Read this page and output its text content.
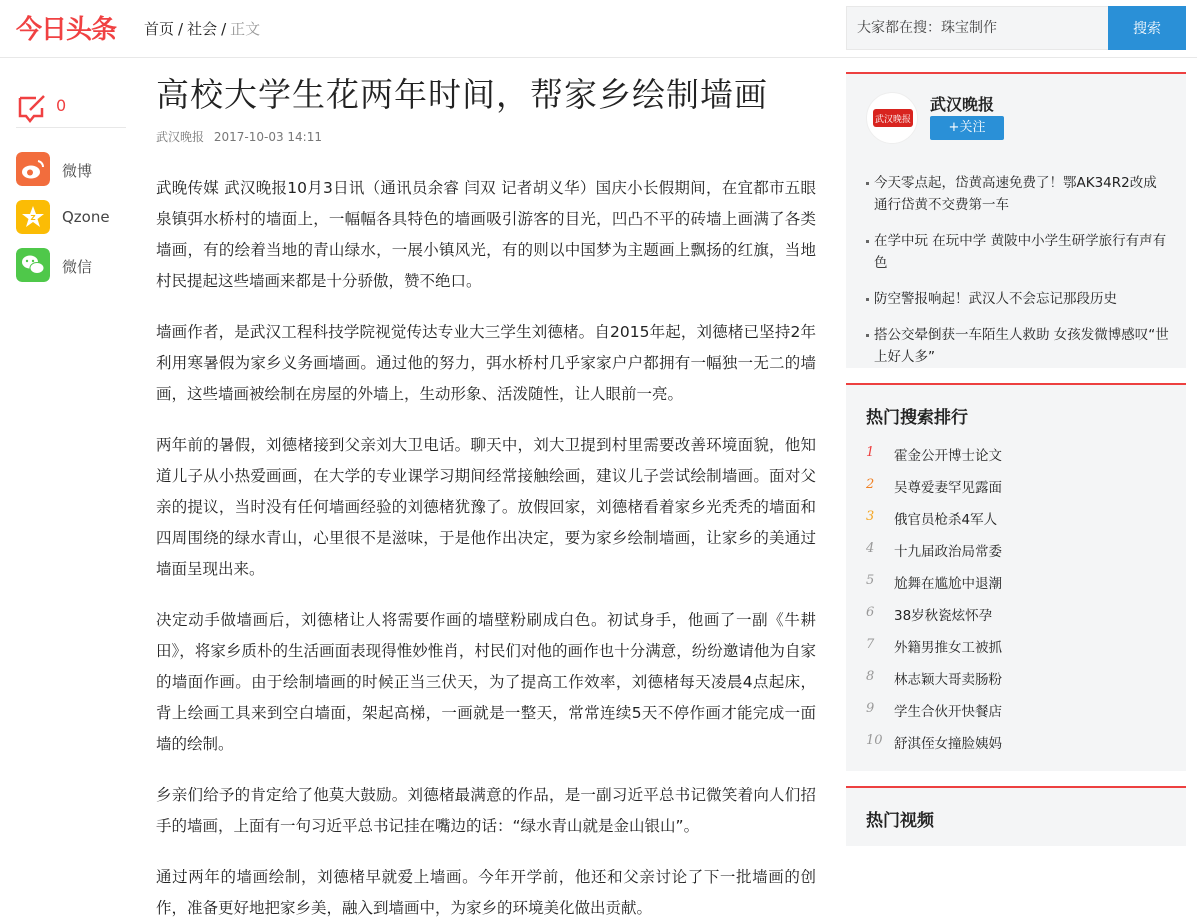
今日头条 首页 / 社会 / 正文
大家都在搜：珠宝制作	搜索
0
微博
Z Qzone
微信
高校大学生花两年时间，帮家乡绘制墙画
武汉晚报 2017-10-03 14:11

武晚传媒 武汉晚报10月3日讯（通讯员余睿 闫双 记者胡义华）国庆小长假期间，在宜都市五眼泉镇弭水桥村的墙面上，一幅幅各具特色的墙画吸引游客的目光，凹凸不平的砖墙上画满了各类墙画，有的绘着当地的青山绿水，一展小镇风光，有的则以中国梦为主题画上飘扬的红旗，当地村民提起这些墙画来都是十分骄傲，赞不绝口。

墙画作者，是武汉工程科技学院视觉传达专业大三学生刘德楮。自2015年起，刘德楮已坚持2年利用寒暑假为家乡义务画墙画。通过他的努力，弭水桥村几乎家家户户都拥有一幅独一无二的墙画，这些墙画被绘制在房屋的外墙上，生动形象、活泼随性，让人眼前一亮。

两年前的暑假，刘德楮接到父亲刘大卫电话。聊天中，刘大卫提到村里需要改善环境面貌，他知道儿子从小热爱画画，在大学的专业课学习期间经常接触绘画，建议儿子尝试绘制墙画。面对父亲的提议，当时没有任何墙画经验的刘德楮犹豫了。放假回家，刘德楮看着家乡光秃秃的墙面和四周围绕的绿水青山，心里很不是滋味，于是他作出决定，要为家乡绘制墙画，让家乡的美通过墙面呈现出来。

决定动手做墙画后，刘德楮让人将需要作画的墙壁粉刷成白色。初试身手，他画了一副《牛耕田》，将家乡质朴的生活画面表现得惟妙惟肖，村民们对他的画作也十分满意，纷纷邀请他为自家的墙面作画。由于绘制墙画的时候正当三伏天，为了提高工作效率，刘德楮每天凌晨4点起床，背上绘画工具来到空白墙面，架起高梯，一画就是一整天，常常连续5天不停作画才能完成一面墙的绘制。

乡亲们给予的肯定给了他莫大鼓励。刘德楮最满意的作品，是一副习近平总书记微笑着向人们招手的墙画，上面有一句习近平总书记挂在嘴边的话：“绿水青山就是金山银山”。

通过两年的墙画绘制，刘德楮早就爱上墙画。今年开学前，他还和父亲讨论了下一批墙画的创作，准备更好地把家乡美，融入到墙画中，为家乡的环境美化做出贡献。

武汉晚报
武汉晚报
+关注
今天零点起，岱黄高速免费了！鄂AK34R2改成通行岱黄不交费第一车
在学中玩 在玩中学 黄陂中小学生研学旅行有声有色
防空警报响起！武汉人不会忘记那段历史
搭公交晕倒获一车陌生人救助 女孩发微博感叹“世上好人多”
热门搜索排行
1	霍金公开博士论文
2	吴尊爱妻罕见露面
3	俄官员枪杀4军人
4	十九届政治局常委
5	尬舞在尴尬中退潮
6	38岁秋瓷炫怀孕
7	外籍男推女工被抓
8	林志颖大哥卖肠粉
9	学生合伙开快餐店
10 舒淇侄女撞脸姨妈
热门视频
